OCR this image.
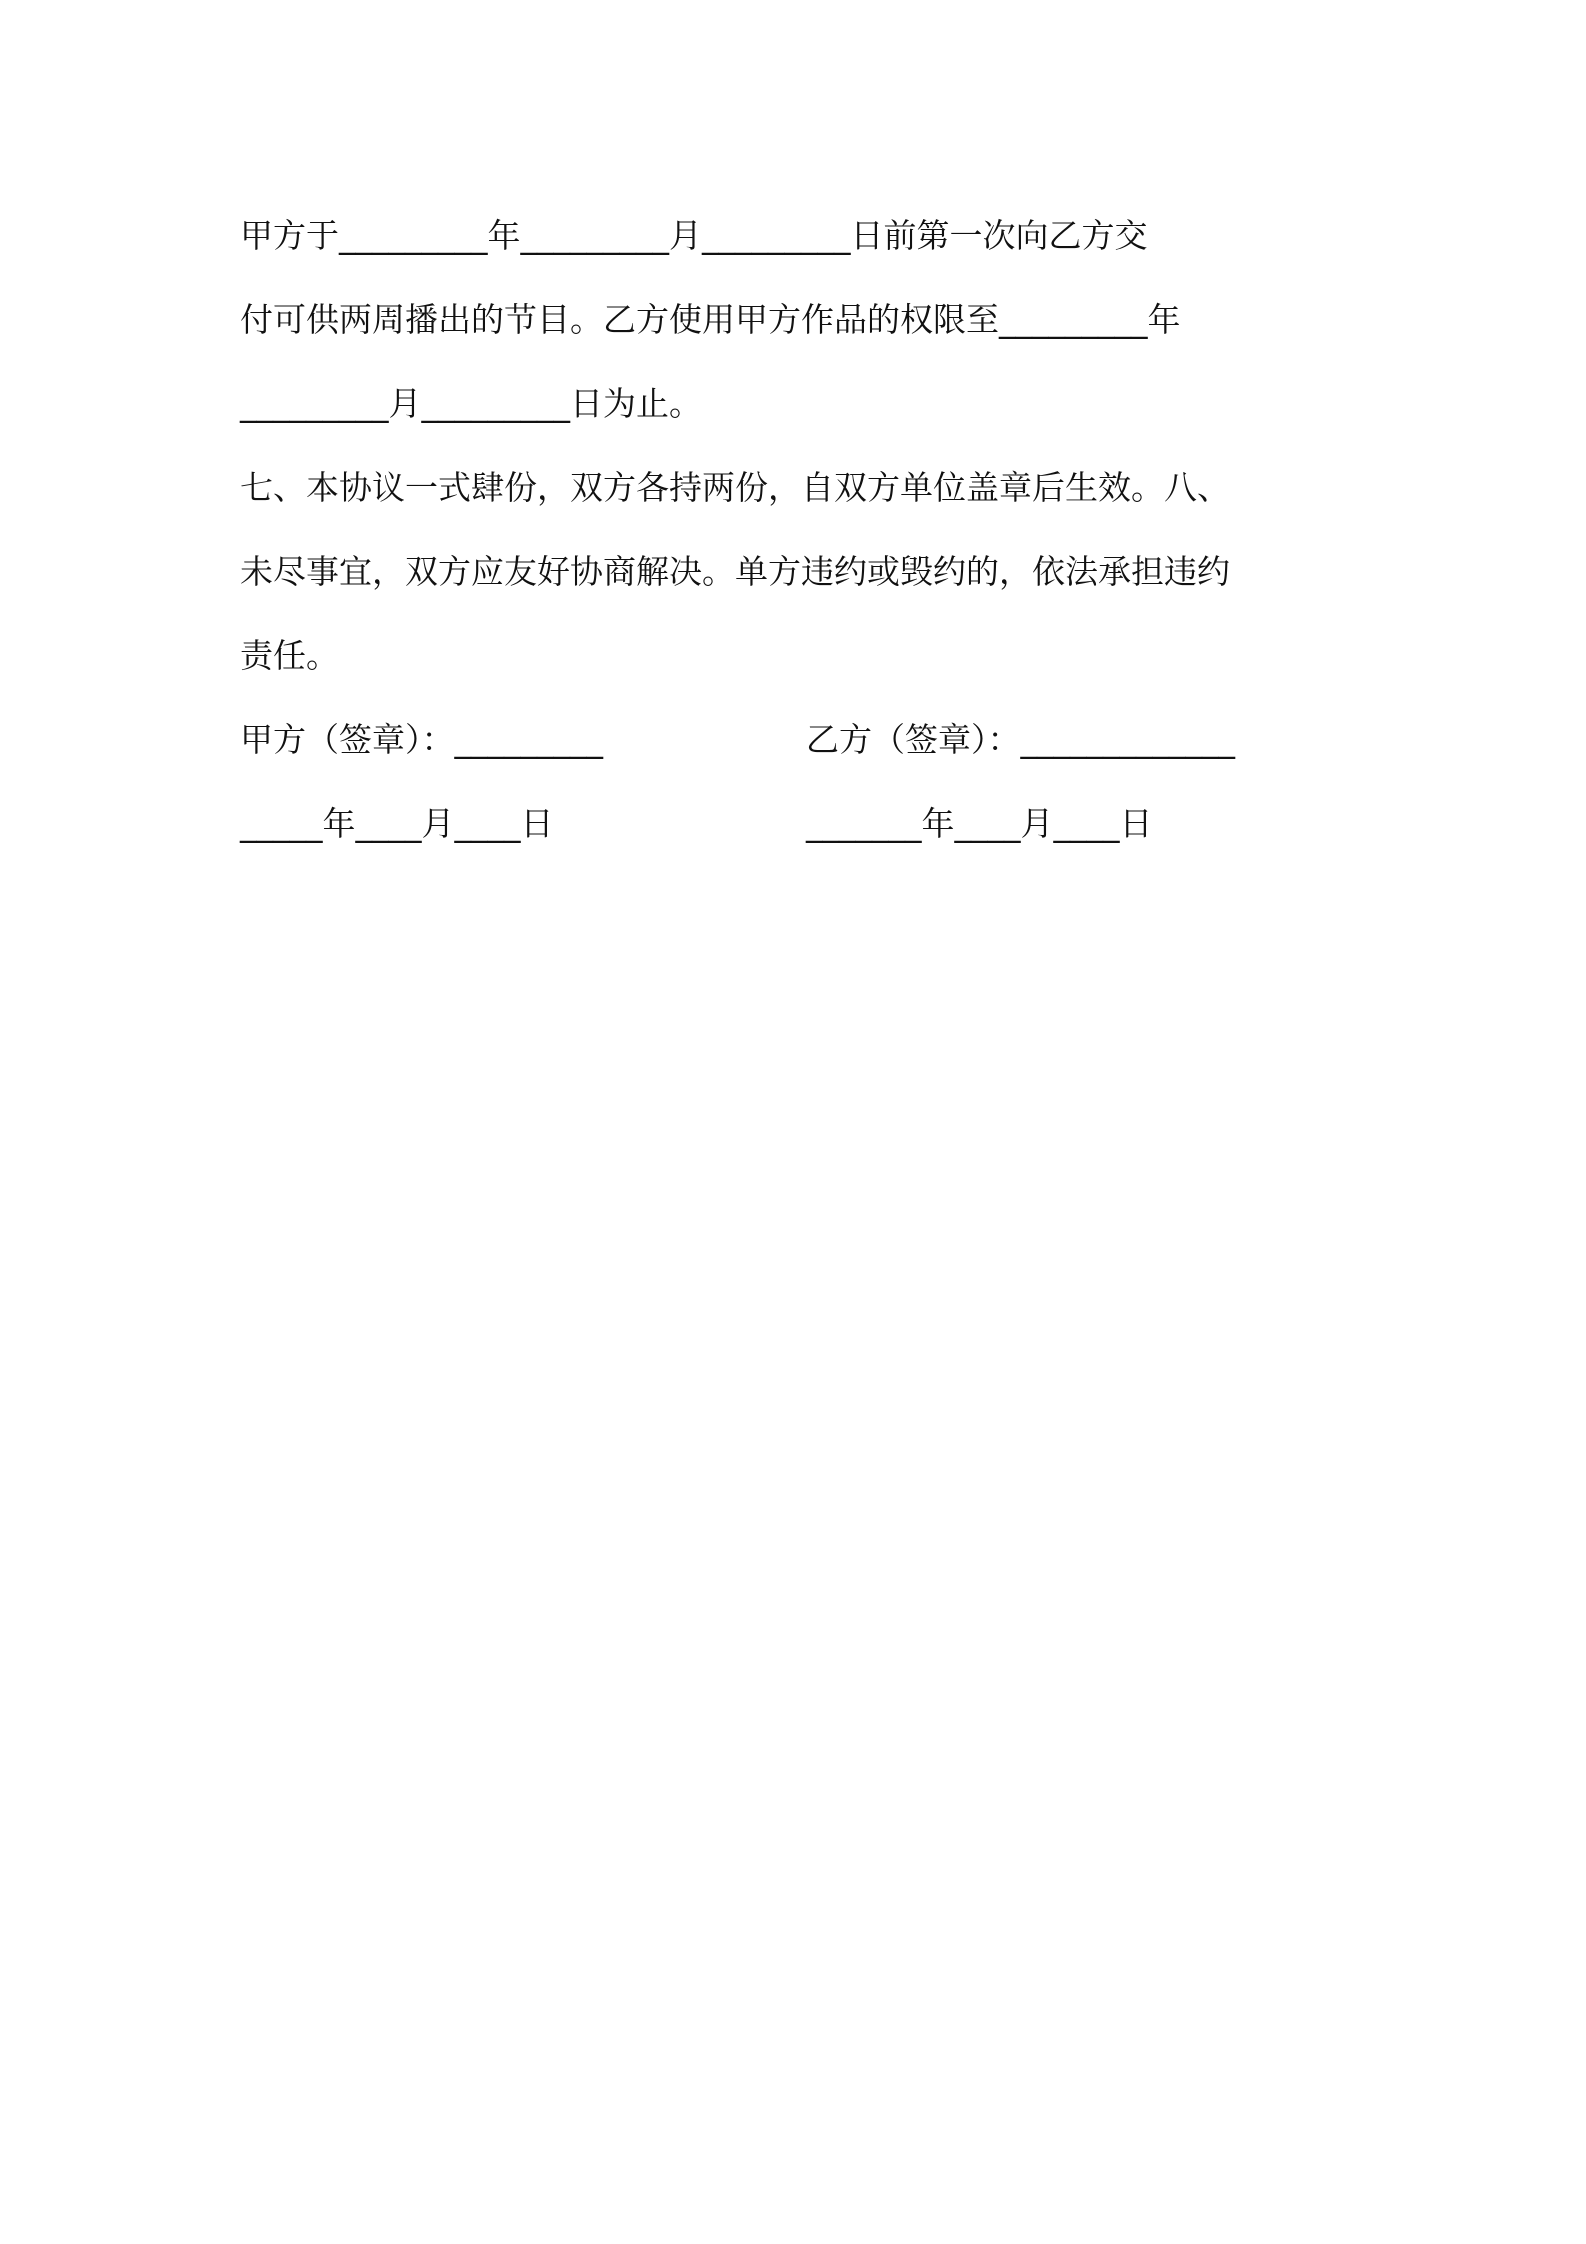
甲方于_________年_________月_________日前第一次向乙方交
付可供两周播出的节目。乙方使用甲方作品的权限至_________年
_________月_________日为止。
七、本协议一式肆份，双方各持两份，自双方单位盖章后生效。八、
未尽事宜，双方应友好协商解决。单方违约或毁约的，依法承担违约
责任。
甲方（签章）：_________	乙方（签章）：_____________
_____年____月____日	_______年____月____日
